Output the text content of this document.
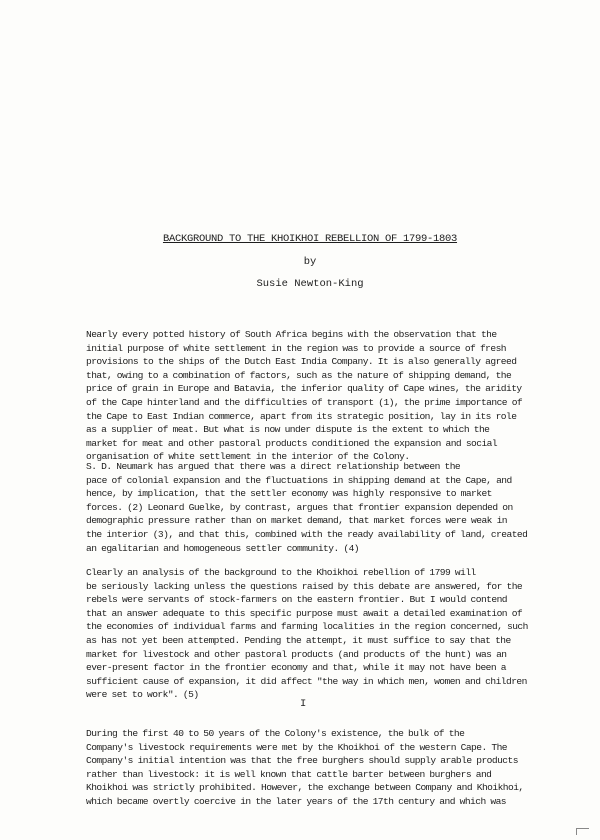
BACKGROUND TO THE KHOIKHOI REBELLION OF 1799-1803
by
Susie Newton-King
Nearly every potted history of South Africa begins with the observation that the
initial purpose of white settlement in the region was to provide a source of fresh
provisions to the ships of the Dutch East India Company. It is also generally agreed
that, owing to a combination of factors, such as the nature of shipping demand, the
price of grain in Europe and Batavia, the inferior quality of Cape wines, the aridity
of the Cape hinterland and the difficulties of transport (1), the prime importance of
the Cape to East Indian commerce, apart from its strategic position, lay in its role
as a supplier of meat. But what is now under dispute is the extent to which the
market for meat and other pastoral products conditioned the expansion and social
organisation of white settlement in the interior of the Colony.
S. D. Neumark has argued that there was a direct relationship between the
pace of colonial expansion and the fluctuations in shipping demand at the Cape, and
hence, by implication, that the settler economy was highly responsive to market
forces. (2) Leonard Guelke, by contrast, argues that frontier expansion depended on
demographic pressure rather than on market demand, that market forces were weak in
the interior (3), and that this, combined with the ready availability of land, created
an egalitarian and homogeneous settler community. (4)
Clearly an analysis of the background to the Khoikhoi rebellion of 1799 will
be seriously lacking unless the questions raised by this debate are answered, for the
rebels were servants of stock-farmers on the eastern frontier. But I would contend
that an answer adequate to this specific purpose must await a detailed examination of
the economies of individual farms and farming localities in the region concerned, such
as has not yet been attempted. Pending the attempt, it must suffice to say that the
market for livestock and other pastoral products (and products of the hunt) was an
ever-present factor in the frontier economy and that, while it may not have been a
sufficient cause of expansion, it did affect "the way in which men, women and children
were set to work". (5)
I
During the first 40 to 50 years of the Colony's existence, the bulk of the
Company's livestock requirements were met by the Khoikhoi of the western Cape. The
Company's initial intention was that the free burghers should supply arable products
rather than livestock: it is well known that cattle barter between burghers and
Khoikhoi was strictly prohibited. However, the exchange between Company and Khoikhoi,
which became overtly coercive in the later years of the 17th century and which was
